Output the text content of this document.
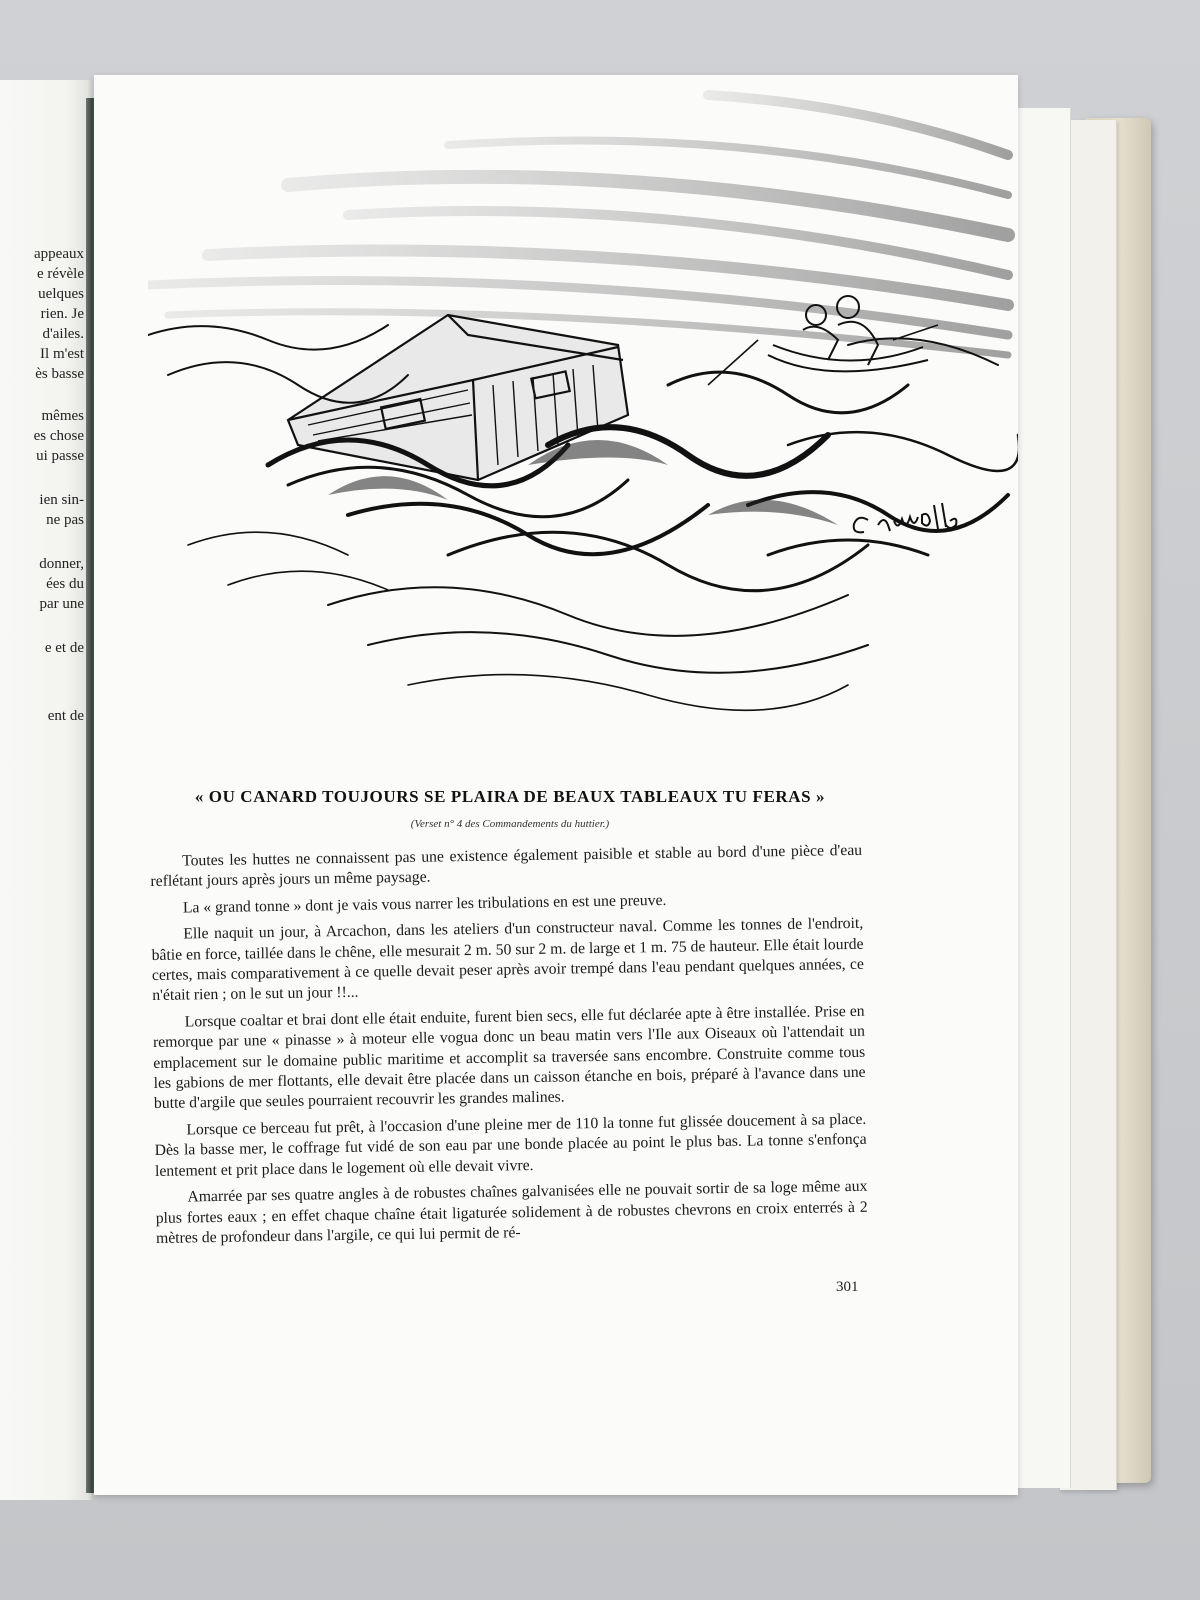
appeaux
e révèle
uelques
rien. Je
d'ailes.
Il m'est
ès basse
mêmes
es chose
ui passe
ien sin-
ne pas
donner,
ées du
par une
e et de
ent de
« OU CANARD TOUJOURS SE PLAIRA DE BEAUX TABLEAUX TU FERAS »
(Verset n° 4 des Commandements du huttier.)

Toutes les huttes ne connaissent pas une existence également paisible et stable au bord d'une pièce d'eau reflétant jours après jours un même paysage.

La « grand tonne » dont je vais vous narrer les tribulations en est une preuve.

Elle naquit un jour, à Arcachon, dans les ateliers d'un constructeur naval. Comme les tonnes de l'endroit, bâtie en force, taillée dans le chêne, elle mesurait 2 m. 50 sur 2 m. de large et 1 m. 75 de hauteur. Elle était lourde certes, mais comparativement à ce quelle devait peser après avoir trempé dans l'eau pendant quelques années, ce n'était rien ; on le sut un jour !!...

Lorsque coaltar et brai dont elle était enduite, furent bien secs, elle fut déclarée apte à être installée. Prise en remorque par une « pinasse » à moteur elle vogua donc un beau matin vers l'Ile aux Oiseaux où l'attendait un emplacement sur le domaine public maritime et accomplit sa traversée sans encombre. Construite comme tous les gabions de mer flottants, elle devait être placée dans un caisson étanche en bois, préparé à l'avance dans une butte d'argile que seules pourraient recouvrir les grandes malines.

Lorsque ce berceau fut prêt, à l'occasion d'une pleine mer de 110 la tonne fut glissée doucement à sa place. Dès la basse mer, le coffrage fut vidé de son eau par une bonde placée au point le plus bas. La tonne s'enfonça lentement et prit place dans le logement où elle devait vivre.

Amarrée par ses quatre angles à de robustes chaînes galvanisées elle ne pouvait sortir de sa loge même aux plus fortes eaux ; en effet chaque chaîne était ligaturée solidement à de robustes chevrons en croix enterrés à 2 mètres de profondeur dans l'argile, ce qui lui permit de ré-

301
